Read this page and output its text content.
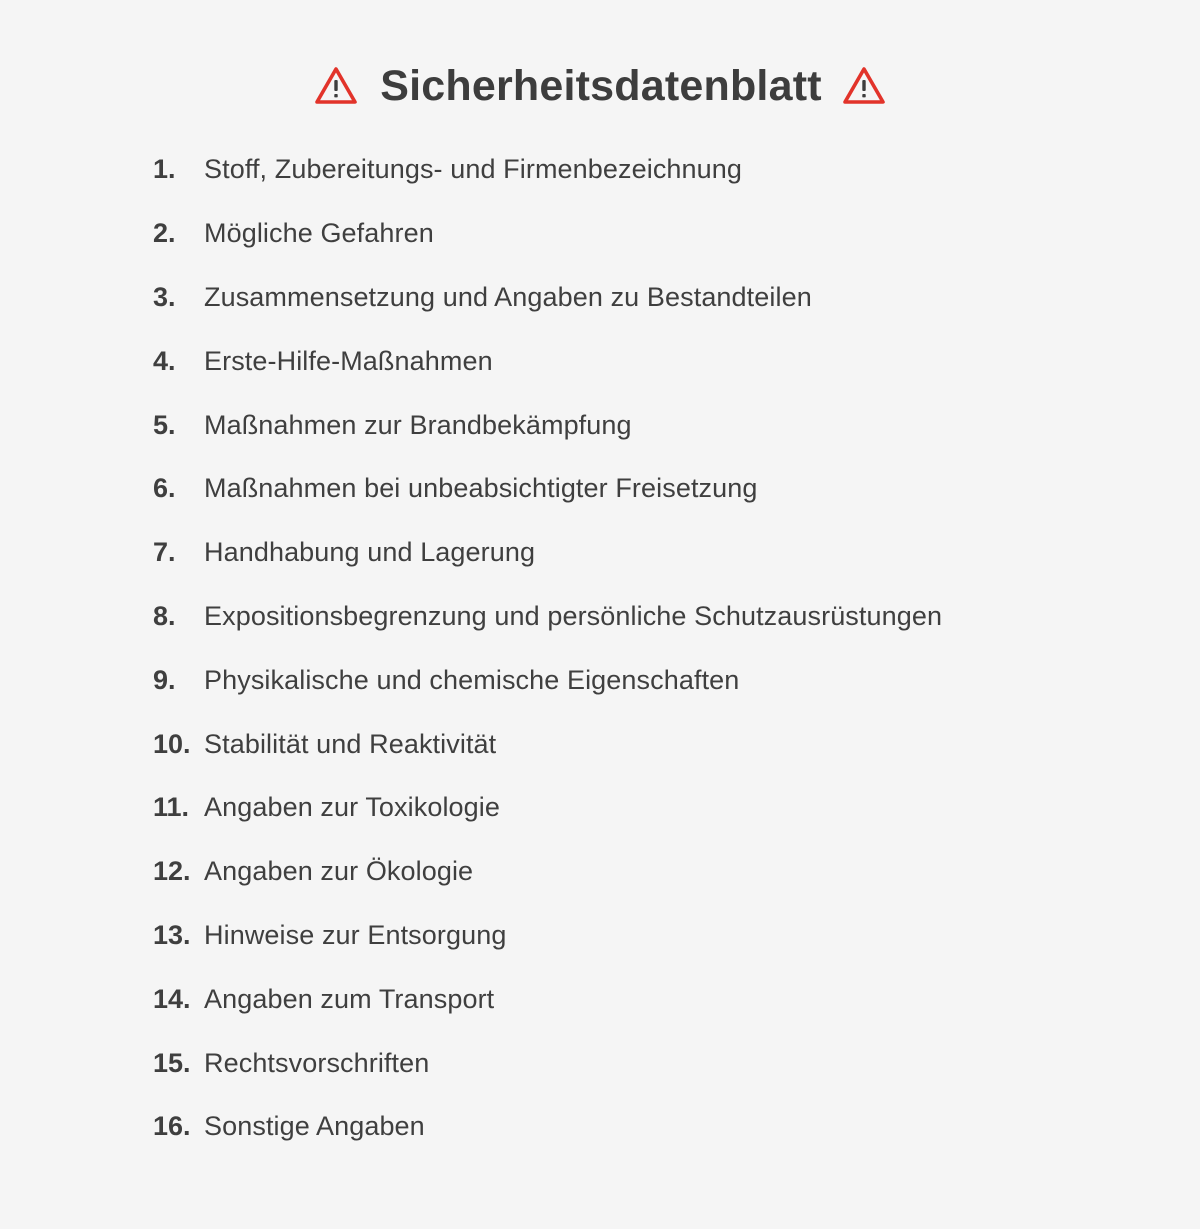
Sicherheitsdatenblatt
1.	Stoff, Zubereitungs- und Firmenbezeichnung
2.	Mögliche Gefahren
3.	Zusammensetzung und Angaben zu Bestandteilen
4.	Erste-Hilfe-Maßnahmen
5.	Maßnahmen zur Brandbekämpfung
6.	Maßnahmen bei unbeabsichtigter Freisetzung
7.	Handhabung und Lagerung
8.	Expositionsbegrenzung und persönliche Schutzausrüstungen
9.	Physikalische und chemische Eigenschaften
10. Stabilität und Reaktivität
11. Angaben zur Toxikologie
12. Angaben zur Ökologie
13. Hinweise zur Entsorgung
14. Angaben zum Transport
15. Rechtsvorschriften
16. Sonstige Angaben
